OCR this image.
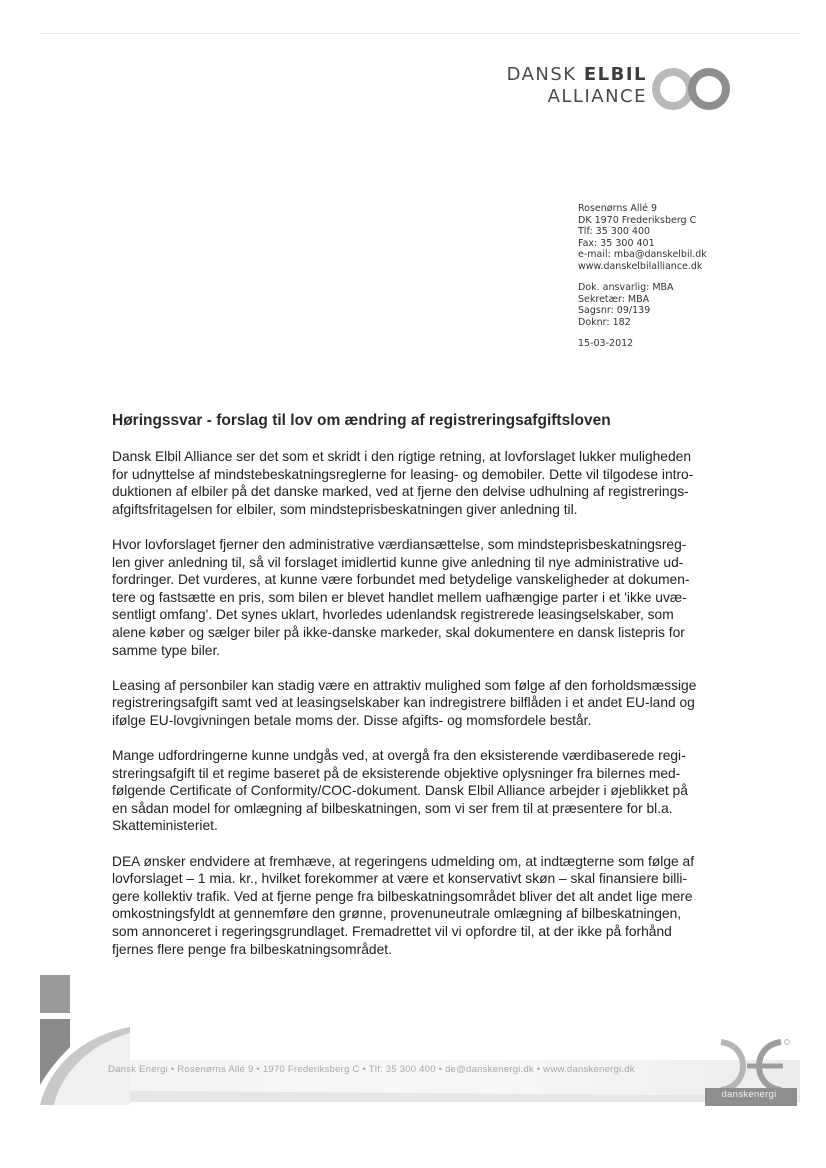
DANSK ELBIL
ALLIANCE
Rosenørns Allé 9
DK 1970 Frederiksberg C
Tlf: 35 300 400
Fax: 35 300 401
e-mail: mba@danskelbil.dk
www.danskelbilalliance.dk
Dok. ansvarlig: MBA
Sekretær: MBA
Sagsnr: 09/139
Doknr: 182
15-03-2012
Høringssvar - forslag til lov om ændring af registreringsafgiftsloven

Dansk Elbil Alliance ser det som et skridt i den rigtige retning, at lovforslaget lukker muligheden
for udnyttelse af mindstebeskatningsreglerne for leasing- og demobiler. Dette vil tilgodese intro-
duktionen af elbiler på det danske marked, ved at fjerne den delvise udhulning af registrerings-
afgiftsfritagelsen for elbiler, som mindsteprisbeskatningen giver anledning til.

Hvor lovforslaget fjerner den administrative værdiansættelse, som mindsteprisbeskatningsreg-
len giver anledning til, så vil forslaget imidlertid kunne give anledning til nye administrative ud-
fordringer. Det vurderes, at kunne være forbundet med betydelige vanskeligheder at dokumen-
tere og fastsætte en pris, som bilen er blevet handlet mellem uafhængige parter i et 'ikke uvæ-
sentligt omfang'. Det synes uklart, hvorledes udenlandsk registrerede leasingselskaber, som
alene køber og sælger biler på ikke-danske markeder, skal dokumentere en dansk listepris for
samme type biler.

Leasing af personbiler kan stadig være en attraktiv mulighed som følge af den forholdsmæssige
registreringsafgift samt ved at leasingselskaber kan indregistrere bilflåden i et andet EU-land og
ifølge EU-lovgivningen betale moms der. Disse afgifts- og momsfordele består.

Mange udfordringerne kunne undgås ved, at overgå fra den eksisterende værdibaserede regi-
streringsafgift til et regime baseret på de eksisterende objektive oplysninger fra bilernes med-
følgende Certificate of Conformity/COC-dokument. Dansk Elbil Alliance arbejder i øjeblikket på
en sådan model for omlægning af bilbeskatningen, som vi ser frem til at præsentere for bl.a.
Skatteministeriet.

DEA ønsker endvidere at fremhæve, at regeringens udmelding om, at indtægterne som følge af
lovforslaget – 1 mia. kr., hvilket forekommer at være et konservativt skøn – skal finansiere billi-
gere kollektiv trafik. Ved at fjerne penge fra bilbeskatningsområdet bliver det alt andet lige mere
omkostningsfyldt at gennemføre den grønne, provenuneutrale omlægning af bilbeskatningen,
som annonceret i regeringsgrundlaget. Fremadrettet vil vi opfordre til, at der ikke på forhånd
fjernes flere penge fra bilbeskatningsområdet.

Dansk Energi • Rosenørns Allé 9 • 1970 Frederiksberg C • Tlf: 35 300 400 • de@danskenergi.dk • www.danskenergi.dk
danskenergi
